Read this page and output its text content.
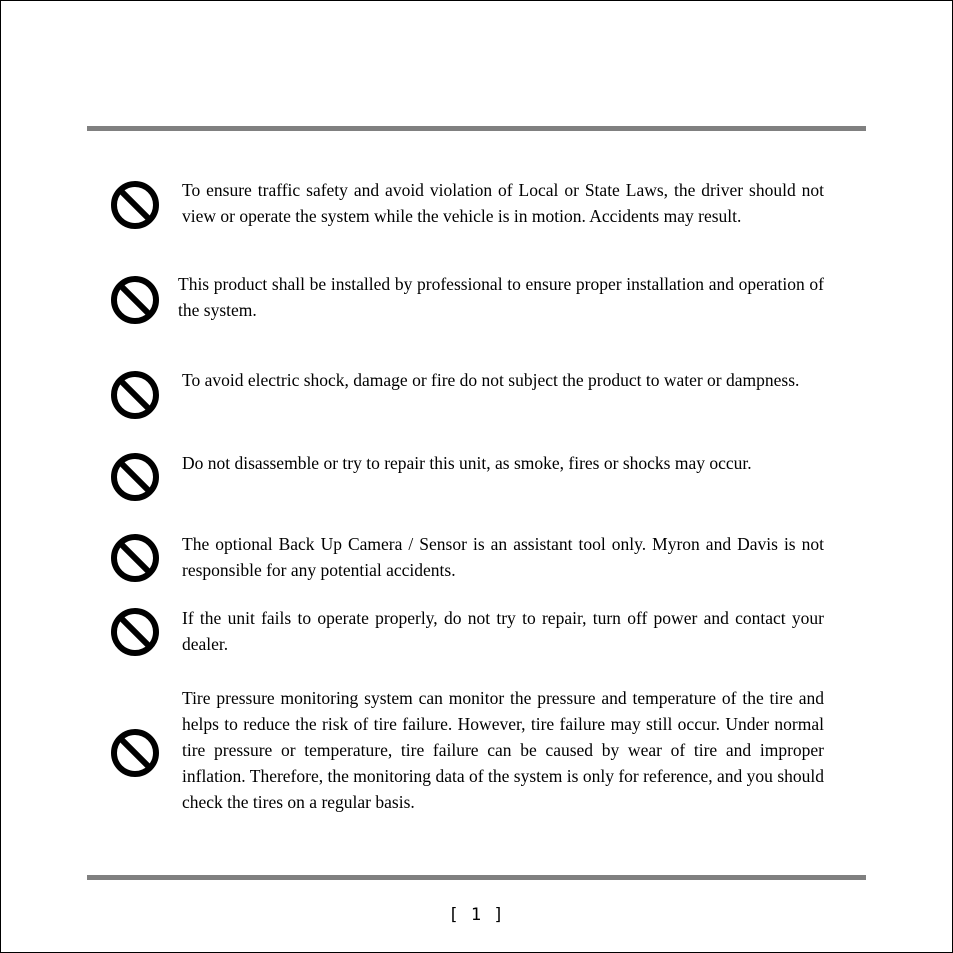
To ensure traffic safety and avoid violation of Local or State Laws, the driver should not view or operate the system while the vehicle is in motion. Accidents may result.

This product shall be installed by professional to ensure proper installation and operation of the system.

To avoid electric shock, damage or fire do not subject the product to water or dampness.

Do not disassemble or try to repair this unit, as smoke, fires or shocks may occur.

The optional Back Up Camera / Sensor is an assistant tool only. Myron and Davis is not responsible for any potential accidents.

If the unit fails to operate properly, do not try to repair, turn off power and contact your dealer.

Tire pressure monitoring system can monitor the pressure and temperature of the tire and helps to reduce the risk of tire failure. However, tire failure may still occur. Under normal tire pressure or temperature, tire failure can be caused by wear of tire and improper inflation. Therefore, the monitoring data of the system is only for reference, and you should check the tires on a regular basis.

[ 1 ]
